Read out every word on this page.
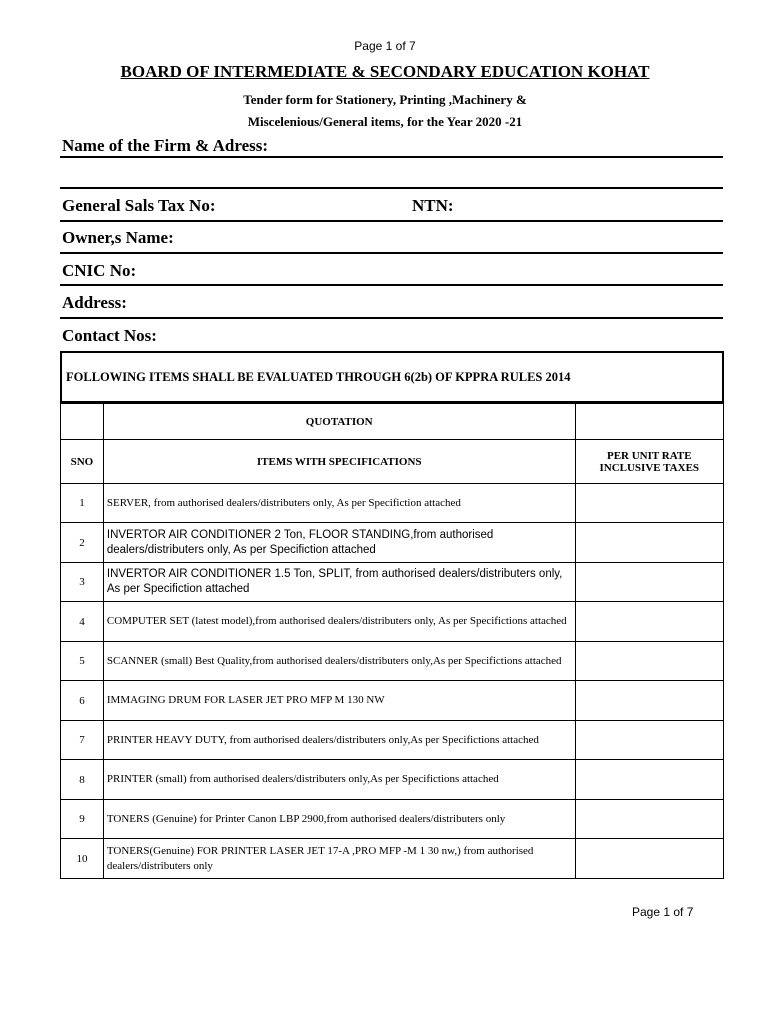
Page 1 of 7
BOARD OF INTERMEDIATE & SECONDARY EDUCATION KOHAT
Tender form for Stationery, Printing ,Machinery &
Miscelenious/General items, for the Year 2020 -21
Name of the Firm & Adress:
General Sals Tax No:	NTN:
Owner,s Name:
CNIC No:
Address:
Contact Nos:
FOLLOWING ITEMS SHALL BE EVALUATED THROUGH 6(2b) OF KPPRA RULES 2014
	QUOTATION	
SNO	ITEMS WITH SPECIFICATIONS	PER UNIT RATE
INCLUSIVE TAXES

1	SERVER, from authorised dealers/distributers only, As per Specifiction attached	
2	INVERTOR AIR CONDITIONER 2 Ton, FLOOR STANDING,from authorised dealers/distributers only, As per Specifiction attached	
3	INVERTOR AIR CONDITIONER 1.5 Ton, SPLIT, from authorised dealers/distributers only, As per Specifiction attached	
4	COMPUTER SET (latest model),from authorised dealers/distributers only, As per Specifictions attached	
5	SCANNER (small) Best Quality,from authorised dealers/distributers only,As per Specifictions attached	
6	IMMAGING DRUM FOR LASER JET PRO MFP M 130 NW	
7	PRINTER HEAVY DUTY, from authorised dealers/distributers only,As per Specifictions attached	
8	PRINTER (small) from authorised dealers/distributers only,As per Specifictions attached	
9	TONERS (Genuine) for Printer Canon LBP 2900,from authorised dealers/distributers only	
10	TONERS(Genuine) FOR PRINTER LASER JET 17-A ,PRO MFP -M 1 30 nw,) from authorised dealers/distributers only	
Page 1 of 7
